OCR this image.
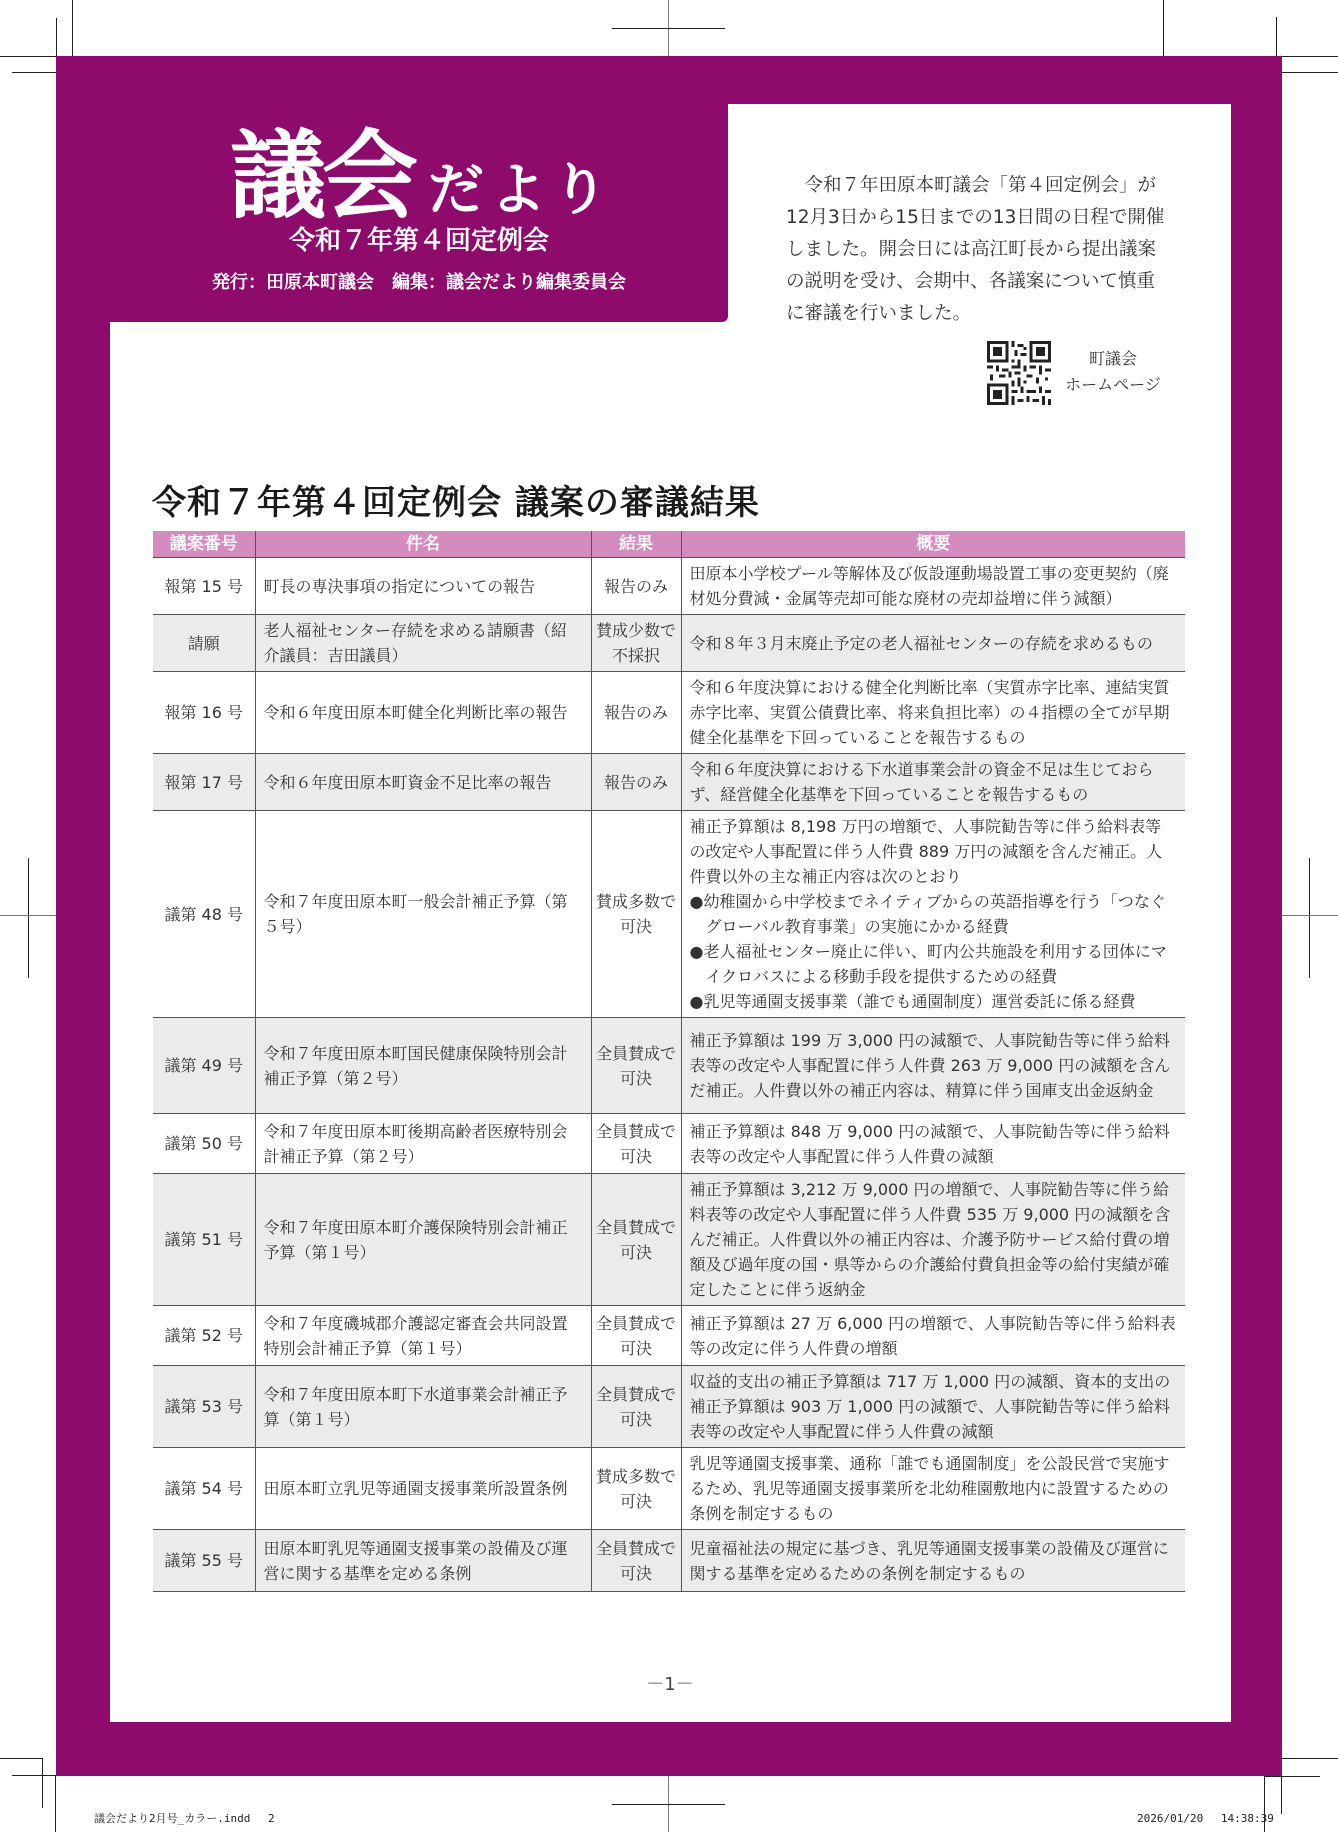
議会 だより
令和７年第４回定例会
発行：田原本町議会　編集：議会だより編集委員会

令和７年田原本町議会「第４回定例会」が12月3日から15日までの13日間の日程で開催しました。開会日には高江町長から提出議案の説明を受け、会期中、各議案について慎重に審議を行いました。

町議会
ホームページ
令和７年第４回定例会 議案の審議結果
議案番号	件名	結果	概要
報第 15 号	町長の専決事項の指定についての報告	報告のみ	田原本小学校プール等解体及び仮設運動場設置工事の変更契約（廃材処分費減・金属等売却可能な廃材の売却益増に伴う減額）

請願	老人福祉センター存続を求める請願書（紹介議員：吉田議員）	賛成少数で不採択	令和８年３月末廃止予定の老人福祉センターの存続を求めるもの

報第 16 号	令和６年度田原本町健全化判断比率の報告	報告のみ	令和６年度決算における健全化判断比率（実質赤字比率、連結実質赤字比率、実質公債費比率、将来負担比率）の４指標の全てが早期健全化基準を下回っていることを報告するもの

報第 17 号	令和６年度田原本町資金不足比率の報告	報告のみ	令和６年度決算における下水道事業会計の資金不足は生じておらず、経営健全化基準を下回っていることを報告するもの

議第 48 号	令和７年度田原本町一般会計補正予算（第５号）	賛成多数で可決	補正予算額は 8,198 万円の増額で、人事院勧告等に伴う給料表等の改定や人事配置に伴う人件費 889 万円の減額を含んだ補正。人件費以外の主な補正内容は次のとおり
●幼稚園から中学校までネイティブからの英語指導を行う「つなぐグローバル教育事業」の実施にかかる経費
●老人福祉センター廃止に伴い、町内公共施設を利用する団体にマイクロバスによる移動手段を提供するための経費
●乳児等通園支援事業（誰でも通園制度）運営委託に係る経費

議第 49 号	令和７年度田原本町国民健康保険特別会計補正予算（第２号）	全員賛成で可決	補正予算額は 199 万 3,000 円の減額で、人事院勧告等に伴う給料表等の改定や人事配置に伴う人件費 263 万 9,000 円の減額を含んだ補正。人件費以外の補正内容は、精算に伴う国庫支出金返納金

議第 50 号	令和７年度田原本町後期高齢者医療特別会計補正予算（第２号）	全員賛成で可決	補正予算額は 848 万 9,000 円の減額で、人事院勧告等に伴う給料表等の改定や人事配置に伴う人件費の減額

議第 51 号	令和７年度田原本町介護保険特別会計補正予算（第１号）	全員賛成で可決	補正予算額は 3,212 万 9,000 円の増額で、人事院勧告等に伴う給料表等の改定や人事配置に伴う人件費 535 万 9,000 円の減額を含んだ補正。人件費以外の補正内容は、介護予防サービス給付費の増額及び過年度の国・県等からの介護給付費負担金等の給付実績が確定したことに伴う返納金

議第 52 号	令和７年度磯城郡介護認定審査会共同設置特別会計補正予算（第１号）	全員賛成で可決	補正予算額は 27 万 6,000 円の増額で、人事院勧告等に伴う給料表等の改定に伴う人件費の増額

議第 53 号	令和７年度田原本町下水道事業会計補正予算（第１号）	全員賛成で可決	収益的支出の補正予算額は 717 万 1,000 円の減額、資本的支出の補正予算額は 903 万 1,000 円の減額で、人事院勧告等に伴う給料表等の改定や人事配置に伴う人件費の減額

議第 54 号	田原本町立乳児等通園支援事業所設置条例	賛成多数で可決	乳児等通園支援事業、通称「誰でも通園制度」を公設民営で実施するため、乳児等通園支援事業所を北幼稚園敷地内に設置するための条例を制定するもの

議第 55 号	田原本町乳児等通園支援事業の設備及び運営に関する基準を定める条例	全員賛成で可決	児童福祉法の規定に基づき、乳児等通園支援事業の設備及び運営に関する基準を定めるための条例を制定するもの
－1－
議会だより2月号_カラー.indd　 2	2026/01/20　 14:38:39
